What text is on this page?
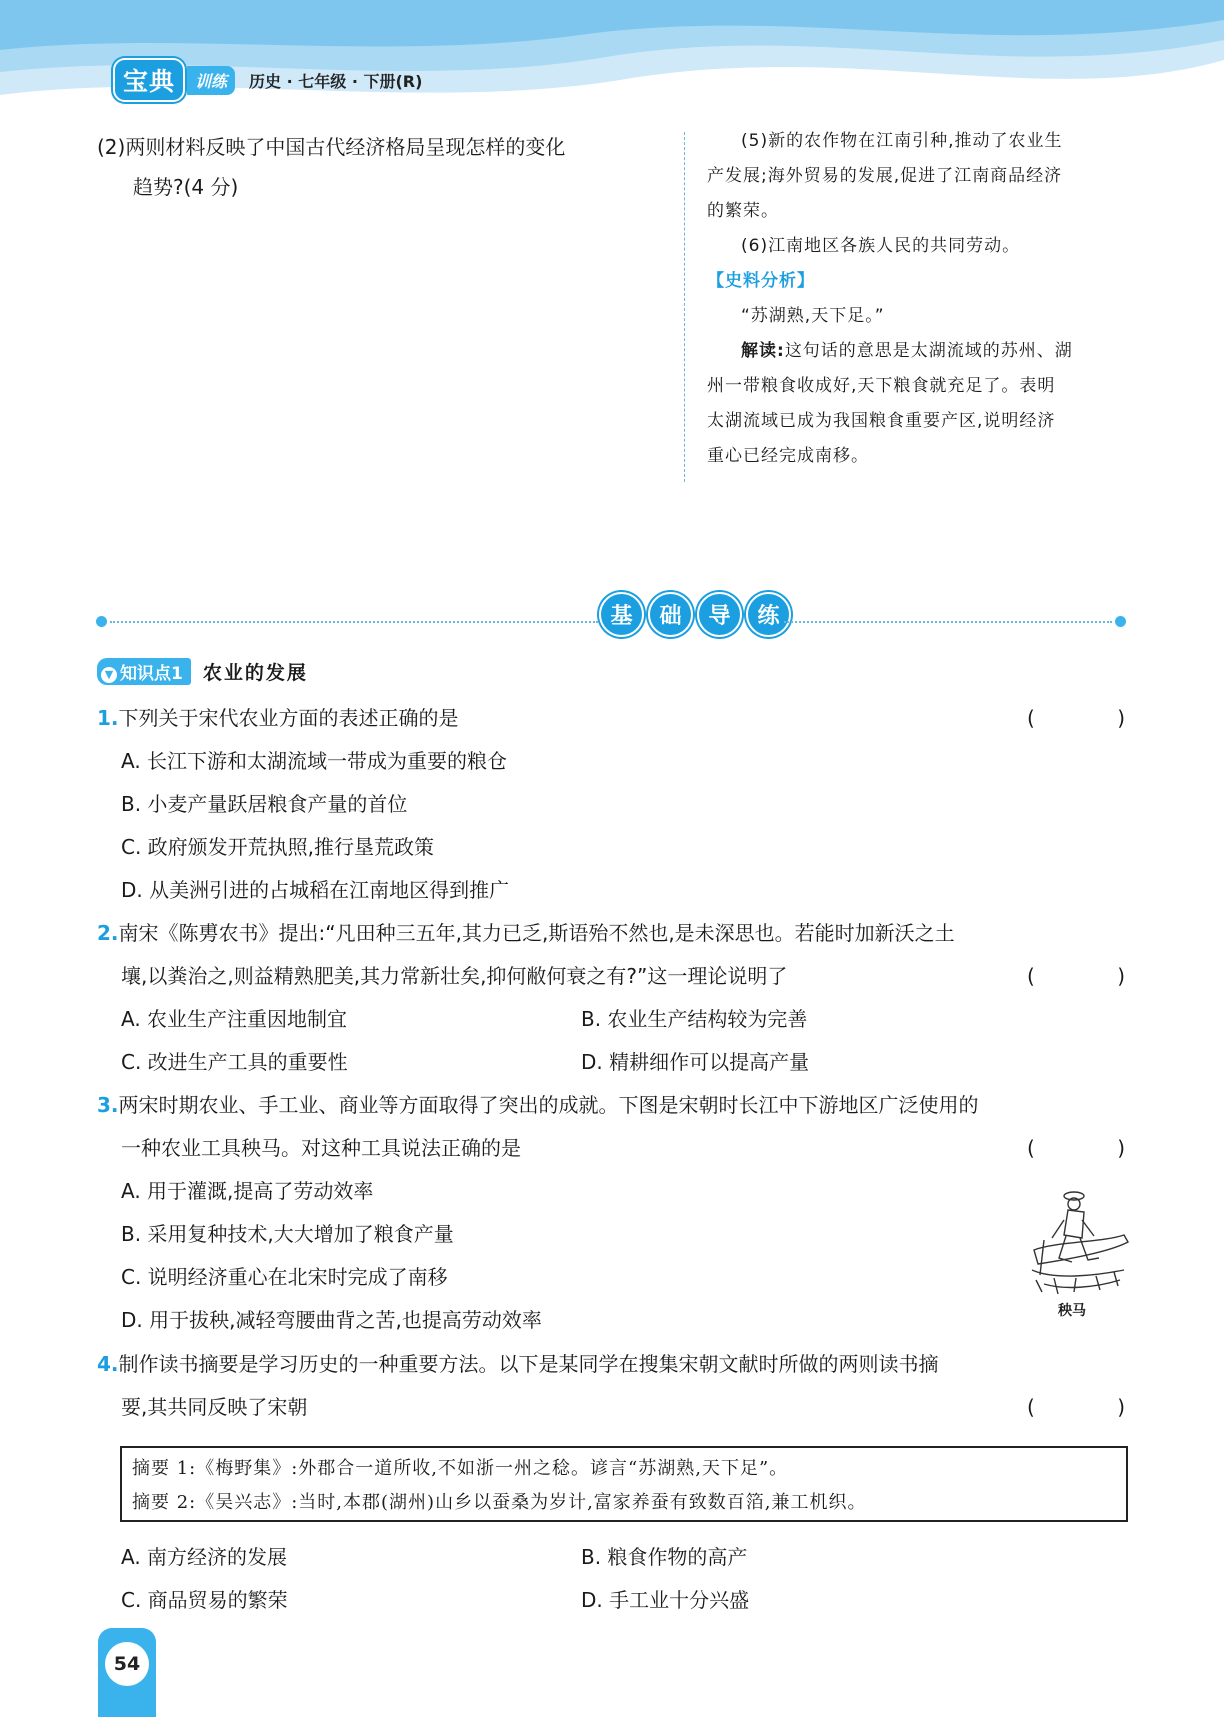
宝典	训练	历史 · 七年级 · 下册(R)
(2)两则材料反映了中国古代经济格局呈现怎样的变化
趋势?(4 分)

(5)新的农作物在江南引种,推动了农业生

产发展;海外贸易的发展,促进了江南商品经济

的繁荣。

(6)江南地区各族人民的共同劳动。

【史料分析】

“苏湖熟,天下足。”

解读:这句话的意思是太湖流域的苏州、湖

州一带粮食收成好,天下粮食就充足了。表明

太湖流域已成为我国粮食重要产区,说明经济

重心已经完成南移。

基	础	导	练
▼ 知识点1	农业的发展
1.下列关于宋代农业方面的表述正确的是	(	)
A. 长江下游和太湖流域一带成为重要的粮仓
B. 小麦产量跃居粮食产量的首位
C. 政府颁发开荒执照,推行垦荒政策
D. 从美洲引进的占城稻在江南地区得到推广
2.南宋《陈旉农书》提出:“凡田种三五年,其力已乏,斯语殆不然也,是未深思也。若能时加新沃之土
壤,以粪治之,则益精熟肥美,其力常新壮矣,抑何敝何衰之有?”这一理论说明了	(	)
A. 农业生产注重因地制宜	B. 农业生产结构较为完善
C. 改进生产工具的重要性	D. 精耕细作可以提高产量
3.两宋时期农业、手工业、商业等方面取得了突出的成就。下图是宋朝时长江中下游地区广泛使用的
一种农业工具秧马。对这种工具说法正确的是	(	)
A. 用于灌溉,提高了劳动效率
B. 采用复种技术,大大增加了粮食产量
C. 说明经济重心在北宋时完成了南移
D. 用于拔秧,减轻弯腰曲背之苦,也提高劳动效率	秧马
4.制作读书摘要是学习历史的一种重要方法。以下是某同学在搜集宋朝文献时所做的两则读书摘
要,其共同反映了宋朝	(	)
摘要 1:《梅野集》:外郡合一道所收,不如浙一州之稔。谚言“苏湖熟,天下足”。
摘要 2:《吴兴志》:当时,本郡(湖州)山乡以蚕桑为岁计,富家养蚕有致数百箔,兼工机织。
A. 南方经济的发展	B. 粮食作物的高产
C. 商品贸易的繁荣	D. 手工业十分兴盛
54
